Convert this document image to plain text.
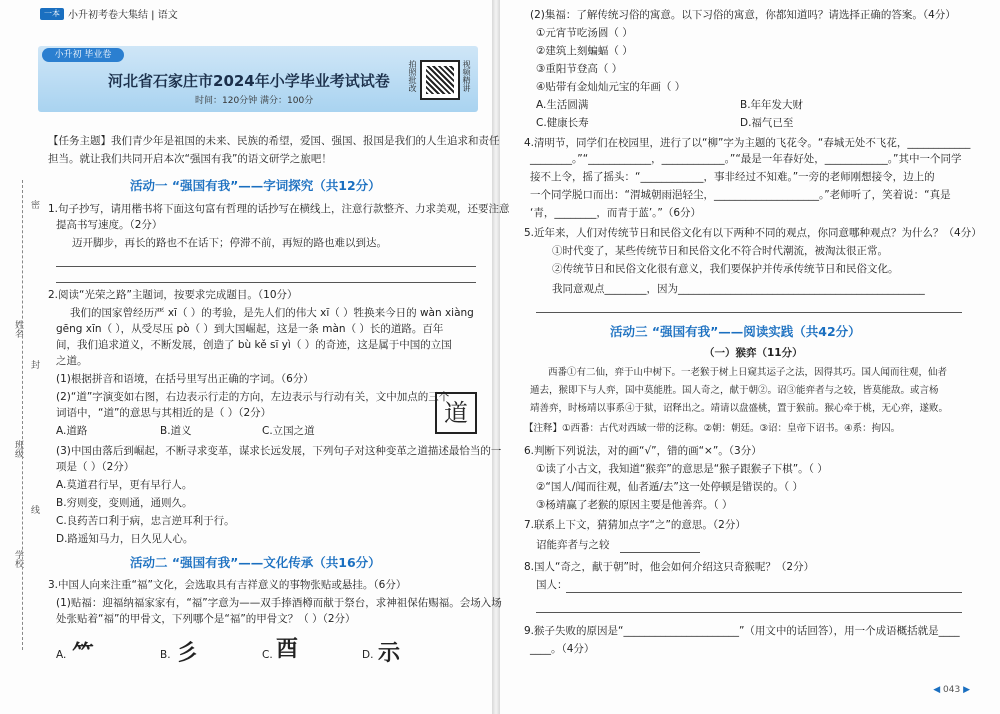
一本 小升初考卷大集结 | 语文
小升初 毕业卷
河北省石家庄市2024年小学毕业考试试卷
时间：120分钟 满分：100分
拍照批改	视频精讲
姓名
班级
学校
密
封
线
【任务主题】我们青少年是祖国的未来、民族的希望，爱国、强国、报国是我们的人生追求和责任
担当。就让我们共同开启本次“强国有我”的语文研学之旅吧！
活动一 “强国有我”——字词探究（共12分）
1.句子抄写，请用楷书将下面这句富有哲理的话抄写在横线上，注意行款整齐、力求美观，还要注意
提高书写速度。（2分）
迈开脚步，再长的路也不在话下；停滞不前，再短的路也难以到达。
2.阅读“光荣之路”主题词，按要求完成题目。（10分）
我们的国家曾经历严 xī（ ）的考验，是先人们的伟大 xī（ ）牲换来今日的 wàn xiàng
gēng xīn（ ），从受尽压 pò（ ）到大国崛起，这是一条 màn（ ）长的道路。百年
间，我们追求道义，不断发展，创造了 bù kě sī yì（ ）的奇迹，这是属于中国的立国
之道。
(1)根据拼音和语境，在括号里写出正确的字词。（6分）
(2)“道”字演变如右图，右边表示行走的方向，左边表示与行动有关，文中加点的三个
词语中，“道”的意思与其相近的是（ ）（2分）	道
A.道路	B.道义	C.立国之道
(3)中国由落后到崛起，不断寻求变革，谋求长远发展，下列句子对这种变革之道描述最恰当的一
项是（ ）（2分）
A.莫道君行早，更有早行人。
B.穷则变，变则通，通则久。
C.良药苦口利于病，忠言逆耳利于行。
D.路遥知马力，日久见人心。
活动二 “强国有我”——文化传承（共16分）
3.中国人向来注重“福”文化，会选取具有吉祥意义的事物张贴或悬挂。（6分）
(1)贴福：迎福纳福家家有，“福”字意为——双手捧酒樽而献于祭台，求神祖保佑赐福。会场入场
处张贴着“福”的甲骨文，下列哪个是“福”的甲骨文？（ ）（2分）
A. ⺮	B. 彡	C. 酉	D. 示
(2)集福：了解传统习俗的寓意。以下习俗的寓意，你都知道吗？请选择正确的答案。（4分）
①元宵节吃汤圆（ ）
②建筑上刻蝙蝠（ ）
③重阳节登高（ ）
④贴带有金灿灿元宝的年画（ ）
A.生活圆满	B.年年发大财
C.健康长寿	D.福气已至
4.清明节，同学们在校园里，进行了以“柳”字为主题的飞花令。“春城无处不飞花，____________
________。”“____________，____________。”“最是一年春好处，____________。”其中一个同学
接不上令，摇了摇头：“____________，事非经过不知难。”一旁的老师刚想接令，边上的
一个同学脱口而出：“渭城朝雨浥轻尘，____________________。”老师听了，笑着说：“真是
‘青，________，而青于蓝’。”（6分）
5.近年来，人们对传统节日和民俗文化有以下两种不同的观点，你同意哪种观点？为什么？（4分）
①时代变了，某些传统节日和民俗文化不符合时代潮流，被淘汰很正常。
②传统节日和民俗文化很有意义，我们要保护并传承传统节日和民俗文化。
我同意观点________，因为_______________________________________________
活动三 “强国有我”——阅读实践（共42分）
（一）猴弈（11分）
西番①有二仙，弈于山中树下。一老猴于树上日窥其运子之法，因得其巧。国人闻而往观，仙者
遁去，猴即下与人弈，国中莫能胜。国人奇之，献于朝②。诏③能弈者与之较，皆莫能敌。或言杨
靖善弈，时杨靖以事系④于狱，诏释出之。靖请以盘盛桃，置于猴前。猴心牵于桃，无心弈，遂败。
【注释】①西番：古代对西域一带的泛称。②朝：朝廷。③诏：皇帝下诏书。④系：拘囚。
6.判断下列说法，对的画“√”，错的画“×”。（3分）
①读了小古文，我知道“猴弈”的意思是“猴子跟猴子下棋”。（ ）
②“国人/闻而往观，仙者遁/去”这一处停顿是错误的。（ ）
③杨靖赢了老猴的原因主要是他善弈。（ ）
7.联系上下文，猜猜加点字“之”的意思。（2分）
诏能弈者与之较
8.国人“奇之，献于朝”时，他会如何介绍这只奇猴呢？（2分）
国人：
9.猴子失败的原因是“______________________”（用文中的话回答），用一个成语概括就是____
____。（4分）
◀ 043 ▶
